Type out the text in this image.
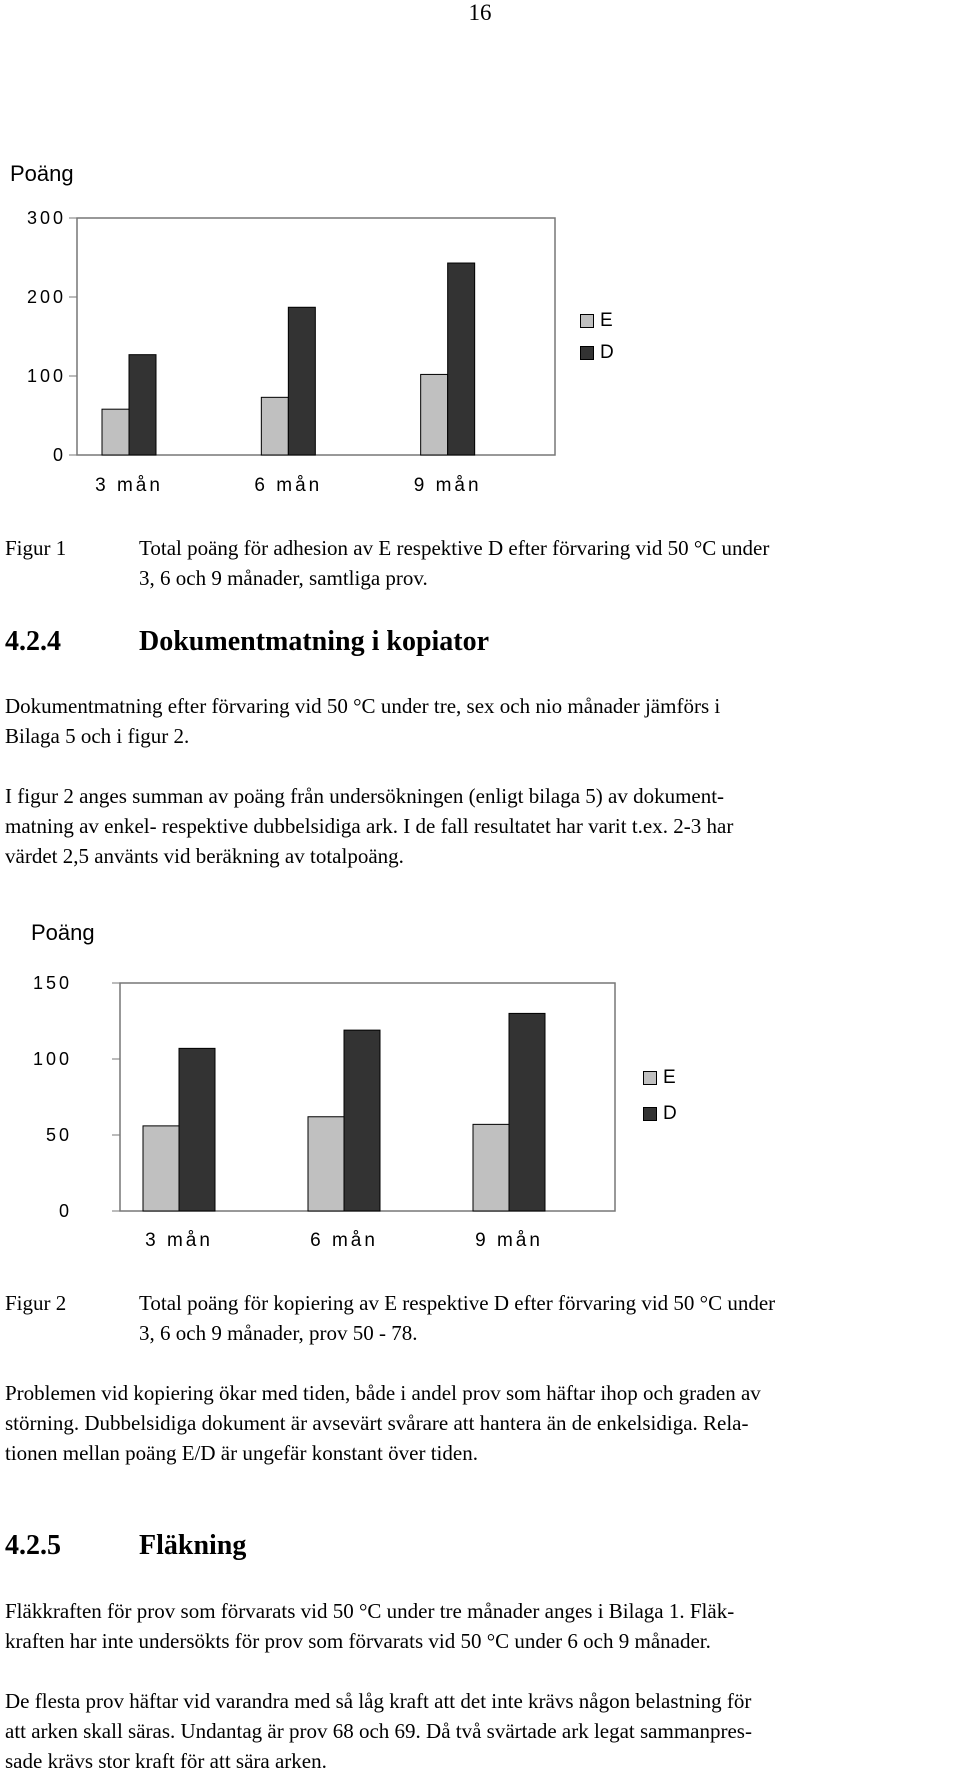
16
Poäng
0
100
200
300
3 mån	6 mån	9 mån
E
D
Figur 1	Total poäng för adhesion av E respektive D efter förvaring vid 50 °C under
3, 6 och 9 månader, samtliga prov.
4.2.4	Dokumentmatning i kopiator
Dokumentmatning efter förvaring vid 50 °C under tre, sex och nio månader jämförs i
Bilaga 5 och i figur 2.
I figur 2 anges summan av poäng från undersökningen (enligt bilaga 5) av dokument-
matning av enkel- respektive dubbelsidiga ark. I de fall resultatet har varit t.ex. 2-3 har
värdet 2,5 använts vid beräkning av totalpoäng.
Poäng
0
50
100
150
3 mån	6 mån	9 mån
E
D
Figur 2	Total poäng för kopiering av E respektive D efter förvaring vid 50 °C under
3, 6 och 9 månader, prov 50 - 78.
Problemen vid kopiering ökar med tiden, både i andel prov som häftar ihop och graden av
störning. Dubbelsidiga dokument är avsevärt svårare att hantera än de enkelsidiga. Rela-
tionen mellan poäng E/D är ungefär konstant över tiden.
4.2.5	Fläkning
Fläkkraften för prov som förvarats vid 50 °C under tre månader anges i Bilaga 1. Fläk-
kraften har inte undersökts för prov som förvarats vid 50 °C under 6 och 9 månader.
De flesta prov häftar vid varandra med så låg kraft att det inte krävs någon belastning för
att arken skall säras. Undantag är prov 68 och 69. Då två svärtade ark legat sammanpres-
sade krävs stor kraft för att sära arken.
